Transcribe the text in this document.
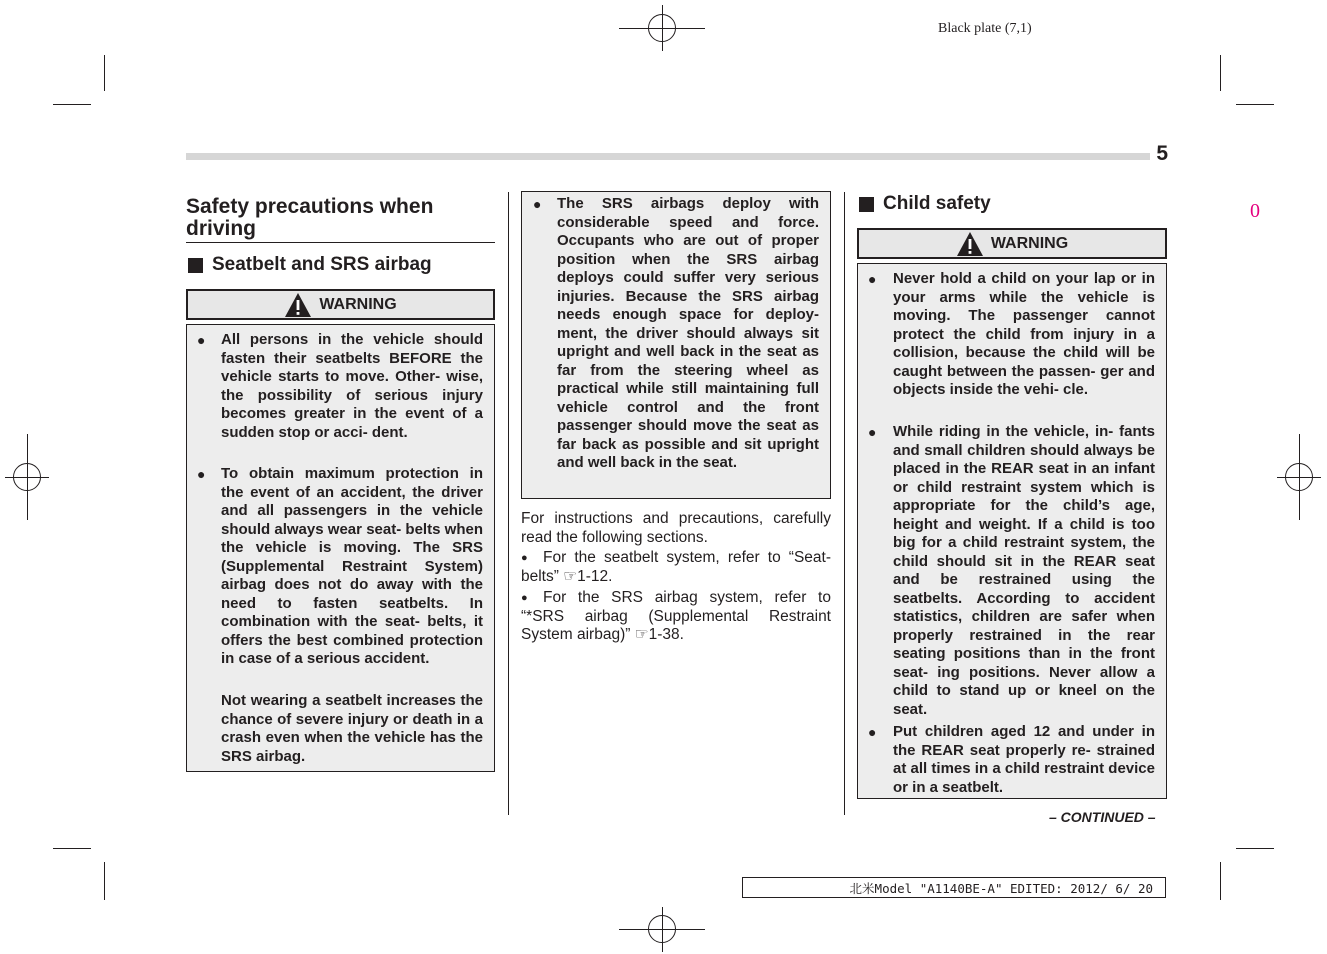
Black plate (7,1)
5
0
Safety precautions when driving
Seatbelt and SRS airbag
WARNING
● All persons in the vehicle should fasten their seatbelts BEFORE the vehicle starts to move. Other- wise, the possibility of serious injury becomes greater in the event of a sudden stop or acci- dent.
● To obtain maximum protection in the event of an accident, the driver and all passengers in the vehicle should always wear seat- belts when the vehicle is moving. The SRS (Supplemental Restraint System) airbag does not do away with the need to fasten seatbelts. In combination with the seat- belts, it offers the best combined protection in case of a serious accident.
Not wearing a seatbelt increases the chance of severe injury or death in a crash even when the vehicle has the SRS airbag.
● The SRS airbags deploy with considerable speed and force. Occupants who are out of proper position when the SRS airbag deploys could suffer very serious injuries. Because the SRS airbag needs enough space for deploy- ment, the driver should always sit upright and well back in the seat as far from the steering wheel as practical while still maintaining full vehicle control and the front passenger should move the seat as far back as possible and sit upright and well back in the seat.
For instructions and precautions, carefully read the following sections.
● For the seatbelt system, refer to “Seat- belts” ☞1-12.
● For the SRS airbag system, refer to “*SRS airbag (Supplemental Restraint System airbag)” ☞1-38.
Child safety
WARNING
● Never hold a child on your lap or in your arms while the vehicle is moving. The passenger cannot protect the child from injury in a collision, because the child will be caught between the passen- ger and objects inside the vehi- cle.
● While riding in the vehicle, in- fants and small children should always be placed in the REAR seat in an infant or child restraint system which is appropriate for the child’s age, height and weight. If a child is too big for a child restraint system, the child should sit in the REAR seat and be restrained using the seatbelts. According to accident statistics, children are safer when properly restrained in the rear seating positions than in the front seat- ing positions. Never allow a child to stand up or kneel on the seat.
● Put children aged 12 and under in the REAR seat properly re- strained at all times in a child restraint device or in a seatbelt.
– CONTINUED –
北米Model "A1140BE-A" EDITED: 2012/ 6/ 20
